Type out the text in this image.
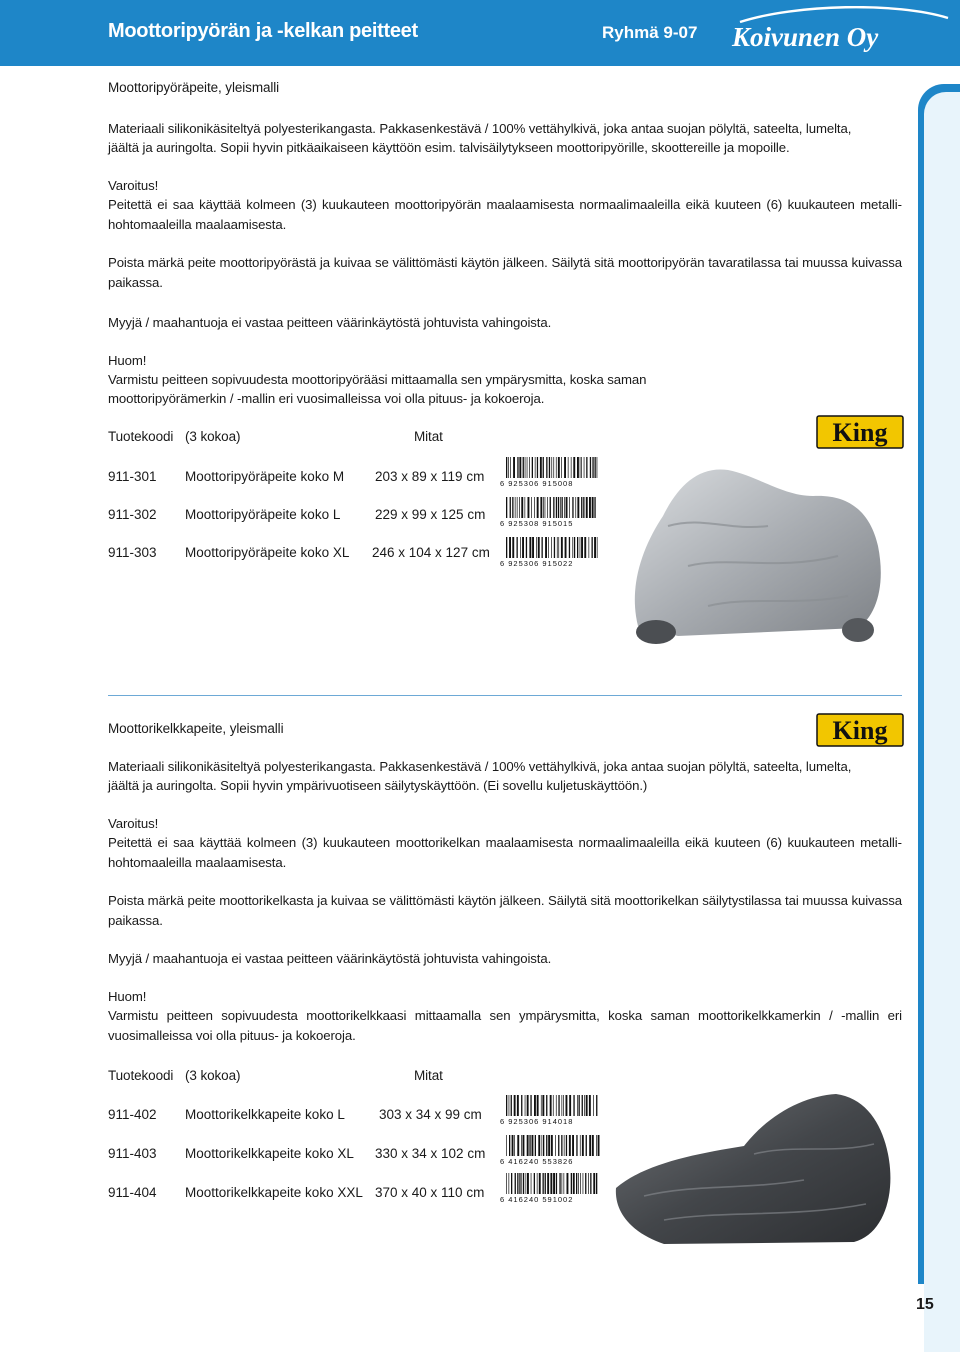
Moottoripyörän ja -kelkan peitteet	Ryhmä 9-07 Koivunen Oy
15
Moottoripyöräpeite, yleismalli
Materiaali silikonikäsiteltyä polyesterikangasta. Pakkasenkestävä / 100% vettähylkivä, joka antaa suojan pölyltä, sateelta, lumelta,
jäältä ja auringolta. Sopii hyvin pitkäaikaiseen käyttöön esim. talvisäilytykseen moottoripyörille, skoottereille ja mopoille.
Varoitus!
Peitettä ei saa käyttää kolmeen (3) kuukauteen moottoripyörän maalaamisesta normaalimaaleilla eikä kuuteen (6) kuukauteen metallihohtomaaleilla maalaamisesta.
Poista märkä peite moottoripyörästä ja kuivaa se välittömästi käytön jälkeen. Säilytä sitä moottoripyörän tavaratilassa tai muussa kuivassa paikassa.
Myyjä / maahantuoja ei vastaa peitteen väärinkäytöstä johtuvista vahingoista.
Huom!
Varmistu peitteen sopivuudesta moottoripyörääsi mittaamalla sen ympärysmitta, koska saman
moottoripyörämerkin / -mallin eri vuosimalleissa voi olla pituus- ja kokoeroja.
Tuotekoodi (3 kokoa)	Mitat	King
911-301 Moottoripyöräpeite koko M 203 x 89 x 119 cm 6 925306 915008
911-302 Moottoripyöräpeite koko L	229 x 99 x 125 cm
6 925308 915015
911-303 Moottoripyöräpeite koko XL 246 x 104 x 127 cm
6 925306 915022
Moottorikelkkapeite, yleismalli	King
Materiaali silikonikäsiteltyä polyesterikangasta. Pakkasenkestävä / 100% vettähylkivä, joka antaa suojan pölyltä, sateelta, lumelta,
jäältä ja auringolta. Sopii hyvin ympärivuotiseen säilytyskäyttöön. (Ei sovellu kuljetuskäyttöön.)
Varoitus!
Peitettä ei saa käyttää kolmeen (3) kuukauteen moottorikelkan maalaamisesta normaalimaaleilla eikä kuuteen (6) kuukauteen metallihohtomaaleilla maalaamisesta.
Poista märkä peite moottorikelkasta ja kuivaa se välittömästi käytön jälkeen. Säilytä sitä moottorikelkan säilytystilassa tai muussa kuivassa paikassa.
Myyjä / maahantuoja ei vastaa peitteen väärinkäytöstä johtuvista vahingoista.
Huom!
Varmistu peitteen sopivuudesta moottorikelkkaasi mittaamalla sen ympärysmitta, koska saman moottorikelkkamerkin / -mallin eri vuosimalleissa voi olla pituus- ja kokoeroja.
Tuotekoodi (3 kokoa)	Mitat
911-402 Moottorikelkkapeite koko L	303 x 34 x 99 cm 6 925306 914018
911-403 Moottorikelkkapeite koko XL 330 x 34 x 102 cm
6 416240 553826
911-404 Moottorikelkkapeite koko XXL 370 x 40 x 110 cm 6 416240 591002
